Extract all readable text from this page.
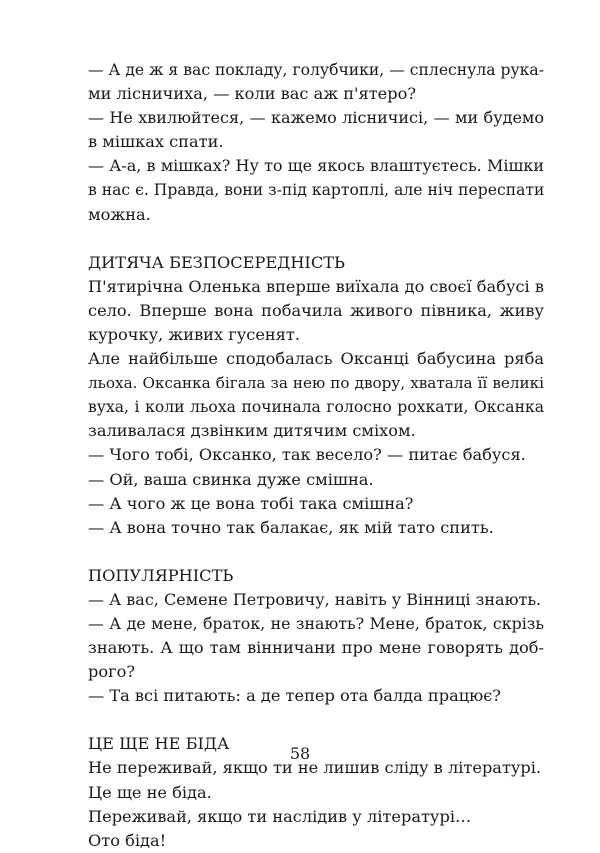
— А де ж я вас покладу, голубчики, — сплеснула рука-
ми лісничиха, — коли вас аж п'ятеро?
— Не хвилюйтеся, — кажемо лісничисі, — ми будемо
в мішках спати.
— А-а, в мішках? Ну то ще якось влаштуєтесь. Мішки
в нас є. Правда, вони з-під картоплі, але ніч переспати
можна.
ДИТЯЧА БЕЗПОСЕРЕДНІСТЬ
П'ятирічна Оленька вперше виїхала до своєї бабусі в
село. Вперше вона побачила живого півника, живу
курочку, живих гусенят.
Але найбільше сподобалась Оксанці бабусина ряба
льоха. Оксанка бігала за нею по двору, хватала її великі
вуха, і коли льоха починала голосно рохкати, Оксанка
заливалася дзвінким дитячим сміхом.
— Чого тобі, Оксанко, так весело? — питає бабуся.
— Ой, ваша свинка дуже смішна.
— А чого ж це вона тобі така смішна?
— А вона точно так балакає, як мій тато спить.
ПОПУЛЯРНІСТЬ
— А вас, Семене Петровичу, навіть у Вінниці знають.
— А де мене, браток, не знають? Мене, браток, скрізь
знають. А що там вінничани про мене говорять доб-
рого?
— Та всі питають: а де тепер ота балда працює?
ЦЕ ЩЕ НЕ БІДА
Не переживай, якщо ти не лишив сліду в літературі.
Це ще не біда.
Переживай, якщо ти наслідив у літературі…
Ото біда!
58
